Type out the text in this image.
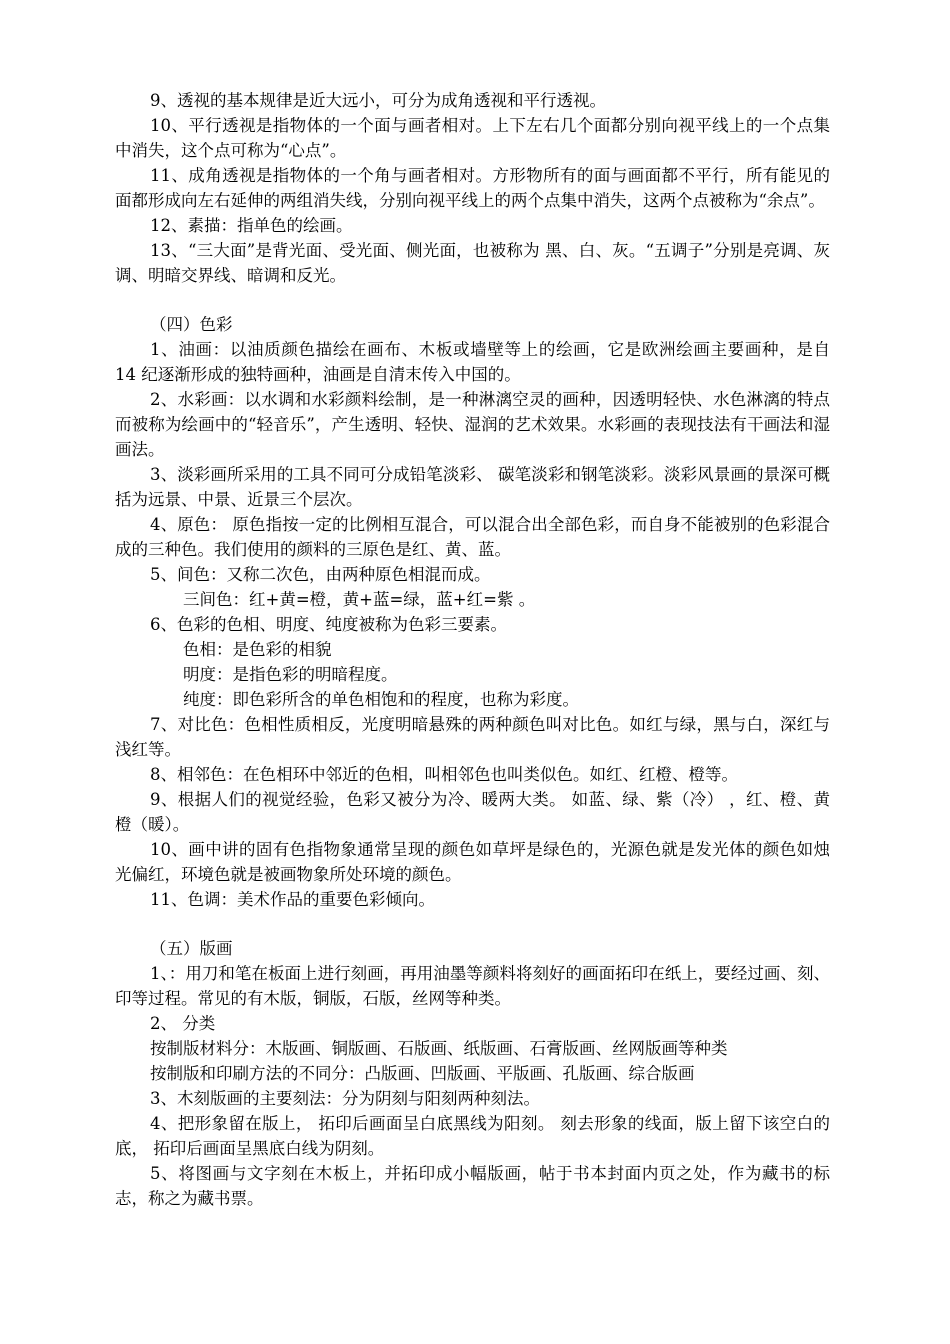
9、透视的基本规律是近大远小，可分为成角透视和平行透视。

10、平行透视是指物体的一个面与画者相对。上下左右几个面都分别向视平线上的一个点集中消失，这个点可称为“心点”。

11、成角透视是指物体的一个角与画者相对。方形物所有的面与画面都不平行，所有能见的面都形成向左右延伸的两组消失线，分别向视平线上的两个点集中消失，这两个点被称为“余点”。

12、素描：指单色的绘画。

13、“三大面”是背光面、受光面、侧光面，也被称为 黑、白、灰。“五调子”分别是亮调、灰调、明暗交界线、暗调和反光。

（四）色彩

1、油画：以油质颜色描绘在画布、木板或墙壁等上的绘画，它是欧洲绘画主要画种，是自 14 纪逐渐形成的独特画种，油画是自清末传入中国的。

2、水彩画：以水调和水彩颜料绘制，是一种淋漓空灵的画种，因透明轻快、水色淋漓的特点而被称为绘画中的“轻音乐”，产生透明、轻快、湿润的艺术效果。水彩画的表现技法有干画法和湿画法。

3、淡彩画所采用的工具不同可分成铅笔淡彩、 碳笔淡彩和钢笔淡彩。淡彩风景画的景深可概括为远景、中景、近景三个层次。

4、原色： 原色指按一定的比例相互混合，可以混合出全部色彩，而自身不能被别的色彩混合成的三种色。我们使用的颜料的三原色是红、黄、蓝。

5、间色：又称二次色，由两种原色相混而成。

三间色：红+黄=橙，黄+蓝=绿，蓝+红=紫 。

6、色彩的色相、明度、纯度被称为色彩三要素。

色相：是色彩的相貌

明度：是指色彩的明暗程度。

纯度：即色彩所含的单色相饱和的程度，也称为彩度。

7、对比色：色相性质相反，光度明暗悬殊的两种颜色叫对比色。如红与绿，黑与白，深红与浅红等。

8、相邻色：在色相环中邻近的色相，叫相邻色也叫类似色。如红、红橙、橙等。

9、根据人们的视觉经验，色彩又被分为冷、暖两大类。 如蓝、绿、紫（冷） ，红、橙、黄橙（暖）。

10、画中讲的固有色指物象通常呈现的颜色如草坪是绿色的，光源色就是发光体的颜色如烛光偏红，环境色就是被画物象所处环境的颜色。

11、色调：美术作品的重要色彩倾向。

（五）版画

1、：用刀和笔在板面上进行刻画，再用油墨等颜料将刻好的画面拓印在纸上，要经过画、刻、印等过程。常见的有木版，铜版，石版，丝网等种类。

2、 分类

按制版材料分：木版画、铜版画、石版画、纸版画、石膏版画、丝网版画等种类

按制版和印刷方法的不同分：凸版画、凹版画、平版画、孔版画、综合版画

3、木刻版画的主要刻法：分为阴刻与阳刻两种刻法。

4、把形象留在版上， 拓印后画面呈白底黑线为阳刻。 刻去形象的线面，版上留下该空白的底， 拓印后画面呈黑底白线为阴刻。

5、将图画与文字刻在木板上，并拓印成小幅版画，帖于书本封面内页之处，作为藏书的标志，称之为藏书票。
